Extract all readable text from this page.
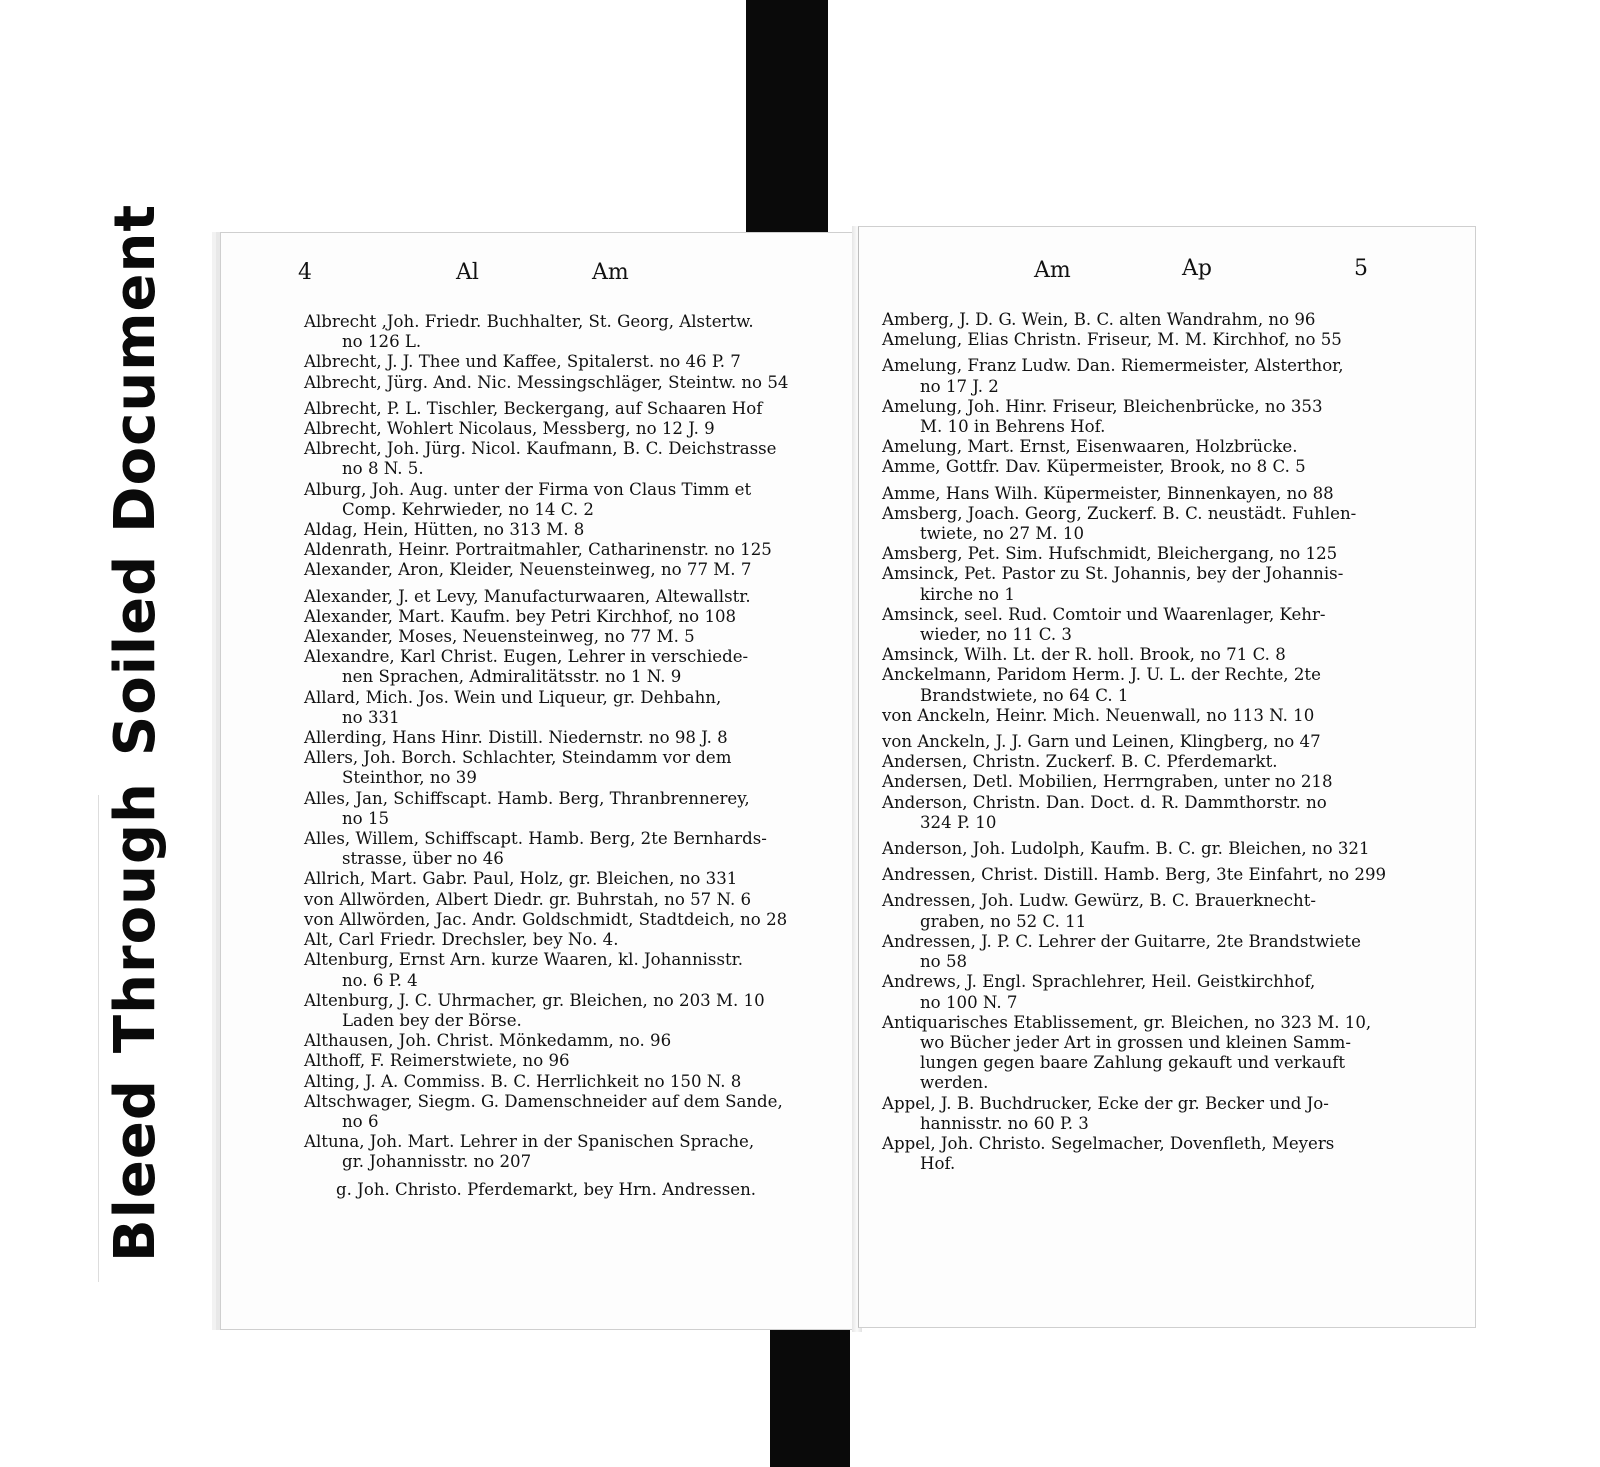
Bleed
Through
Soiled
Document	4	Al	Am	Am	Ap	5
Albrecht ,Joh. Friedr. Buchhalter, St. Georg, Alstertw.
no 126 L.
Albrecht, J. J. Thee und Kaffee, Spitalerst. no 46 P. 7
Albrecht, Jürg. And. Nic. Messingschläger, Steintw. no 54
Albrecht, P. L. Tischler, Beckergang, auf Schaaren Hof
Albrecht, Wohlert Nicolaus, Messberg, no 12 J. 9
Albrecht, Joh. Jürg. Nicol. Kaufmann, B. C. Deichstrasse
no 8 N. 5.
Alburg, Joh. Aug. unter der Firma von Claus Timm et
Comp. Kehrwieder, no 14 C. 2
Aldag, Hein, Hütten, no 313 M. 8
Aldenrath, Heinr. Portraitmahler, Catharinenstr. no 125
Alexander, Aron, Kleider, Neuensteinweg, no 77 M. 7
Alexander, J. et Levy, Manufacturwaaren, Altewallstr.
Alexander, Mart. Kaufm. bey Petri Kirchhof, no 108
Alexander, Moses, Neuensteinweg, no 77 M. 5
Alexandre, Karl Christ. Eugen, Lehrer in verschiede-
nen Sprachen, Admiralitätsstr. no 1 N. 9
Allard, Mich. Jos. Wein und Liqueur, gr. Dehbahn,
no 331
Allerding, Hans Hinr. Distill. Niedernstr. no 98 J. 8
Allers, Joh. Borch. Schlachter, Steindamm vor dem
Steinthor, no 39
Alles, Jan, Schiffscapt. Hamb. Berg, Thranbrennerey,
no 15
Alles, Willem, Schiffscapt. Hamb. Berg, 2te Bernhards-
strasse, über no 46
Allrich, Mart. Gabr. Paul, Holz, gr. Bleichen, no 331
von Allwörden, Albert Diedr. gr. Buhrstah, no 57 N. 6
von Allwörden, Jac. Andr. Goldschmidt, Stadtdeich, no 28
Alt, Carl Friedr. Drechsler, bey No. 4.
Altenburg, Ernst Arn. kurze Waaren, kl. Johannisstr.
no. 6 P. 4
Altenburg, J. C. Uhrmacher, gr. Bleichen, no 203 M. 10
Laden bey der Börse.
Althausen, Joh. Christ. Mönkedamm, no. 96
Althoff, F. Reimerstwiete, no 96
Alting, J. A. Commiss. B. C. Herrlichkeit no 150 N. 8
Altschwager, Siegm. G. Damenschneider auf dem Sande,
no 6
Altuna, Joh. Mart. Lehrer in der Spanischen Sprache,
gr. Johannisstr. no 207
Amberg, J. D. G. Wein, B. C. alten Wandrahm, no 96
Amelung, Elias Christn. Friseur, M. M. Kirchhof, no 55
Amelung, Franz Ludw. Dan. Riemermeister, Alsterthor,
no 17 J. 2
Amelung, Joh. Hinr. Friseur, Bleichenbrücke, no 353
M. 10 in Behrens Hof.
Amelung, Mart. Ernst, Eisenwaaren, Holzbrücke.
Amme, Gottfr. Dav. Küpermeister, Brook, no 8 C. 5
Amme, Hans Wilh. Küpermeister, Binnenkayen, no 88
Amsberg, Joach. Georg, Zuckerf. B. C. neustädt. Fuhlen-
twiete, no 27 M. 10
Amsberg, Pet. Sim. Hufschmidt, Bleichergang, no 125
Amsinck, Pet. Pastor zu St. Johannis, bey der Johannis-
kirche no 1
Amsinck, seel. Rud. Comtoir und Waarenlager, Kehr-
wieder, no 11 C. 3
Amsinck, Wilh. Lt. der R. holl. Brook, no 71 C. 8
Anckelmann, Paridom Herm. J. U. L. der Rechte, 2te
Brandstwiete, no 64 C. 1
von Anckeln, Heinr. Mich. Neuenwall, no 113 N. 10
von Anckeln, J. J. Garn und Leinen, Klingberg, no 47
Andersen, Christn. Zuckerf. B. C. Pferdemarkt.
Andersen, Detl. Mobilien, Herrngraben, unter no 218
Anderson, Christn. Dan. Doct. d. R. Dammthorstr. no
324 P. 10
Anderson, Joh. Ludolph, Kaufm. B. C. gr. Bleichen, no 321
Andressen, Christ. Distill. Hamb. Berg, 3te Einfahrt, no 299
Andressen, Joh. Ludw. Gewürz, B. C. Brauerknecht-
graben, no 52 C. 11
Andressen, J. P. C. Lehrer der Guitarre, 2te Brandstwiete
no 58
Andrews, J. Engl. Sprachlehrer, Heil. Geistkirchhof,
no 100 N. 7
Antiquarisches Etablissement, gr. Bleichen, no 323 M. 10,
wo Bücher jeder Art in grossen und kleinen Samm-
lungen gegen baare Zahlung gekauft und verkauft
werden.
Appel, J. B. Buchdrucker, Ecke der gr. Becker und Jo-
hannisstr. no 60 P. 3
Appel, Joh. Christo. Segelmacher, Dovenfleth, Meyers
Hof.
g. Joh. Christo. Pferdemarkt, bey Hrn. Andressen.
